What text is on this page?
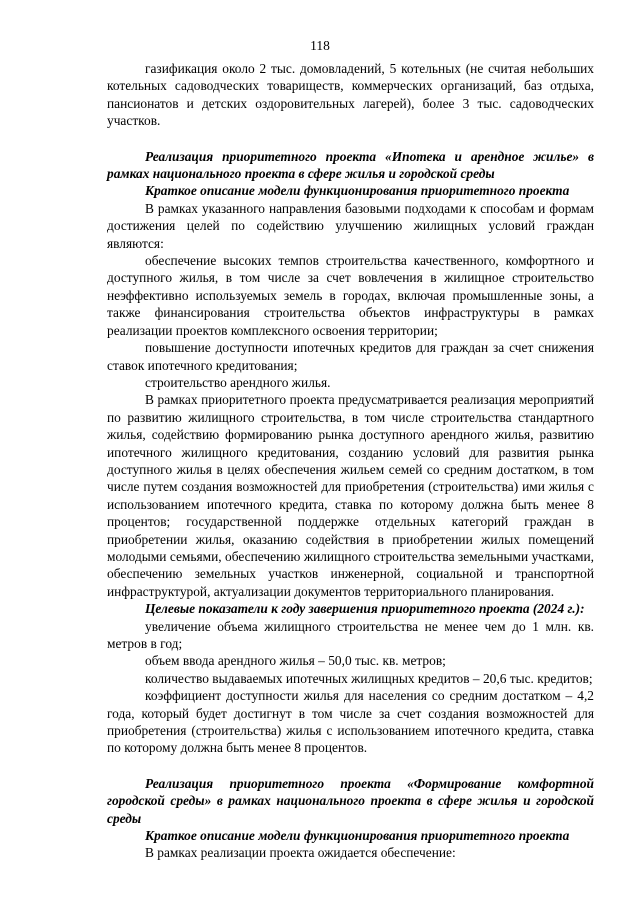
118

газификация около 2 тыс. домовладений, 5 котельных (не считая небольших котельных садоводческих товариществ, коммерческих организаций, баз отдыха, пансионатов и детских оздоровительных лагерей), более 3 тыс. садоводческих участков.

Реализация приоритетного проекта «Ипотека и арендное жилье» в рамках национального проекта в сфере жилья и городской среды

Краткое описание модели функционирования приоритетного проекта

В рамках указанного направления базовыми подходами к способам и формам достижения целей по содействию улучшению жилищных условий граждан являются:

обеспечение высоких темпов строительства качественного, комфортного и доступного жилья, в том числе за счет вовлечения в жилищное строительство неэффективно используемых земель в городах, включая промышленные зоны, а также финансирования строительства объектов инфраструктуры в рамках реализации проектов комплексного освоения территории;

повышение доступности ипотечных кредитов для граждан за счет снижения ставок ипотечного кредитования;

строительство арендного жилья.

В рамках приоритетного проекта предусматривается реализация мероприятий по развитию жилищного строительства, в том числе строительства стандартного жилья, содействию формированию рынка доступного арендного жилья, развитию ипотечного жилищного кредитования, созданию условий для развития рынка доступного жилья в целях обеспечения жильем семей со средним достатком, в том числе путем создания возможностей для приобретения (строительства) ими жилья с использованием ипотечного кредита, ставка по которому должна быть менее 8 процентов; государственной поддержке отдельных категорий граждан в приобретении жилья, оказанию содействия в приобретении жилых помещений молодыми семьями, обеспечению жилищного строительства земельными участками, обеспечению земельных участков инженерной, социальной и транспортной инфраструктурой, актуализации документов территориального планирования.

Целевые показатели к году завершения приоритетного проекта (2024 г.):

увеличение объема жилищного строительства не менее чем до 1 млн. кв. метров в год;

объем ввода арендного жилья – 50,0 тыс. кв. метров;

количество выдаваемых ипотечных жилищных кредитов – 20,6 тыс. кредитов;

коэффициент доступности жилья для населения со средним достатком – 4,2 года, который будет достигнут в том числе за счет создания возможностей для приобретения (строительства) жилья с использованием ипотечного кредита, ставка по которому должна быть менее 8 процентов.

Реализация приоритетного проекта «Формирование комфортной городской среды» в рамках национального проекта в сфере жилья и городской среды

Краткое описание модели функционирования приоритетного проекта

В рамках реализации проекта ожидается обеспечение:
